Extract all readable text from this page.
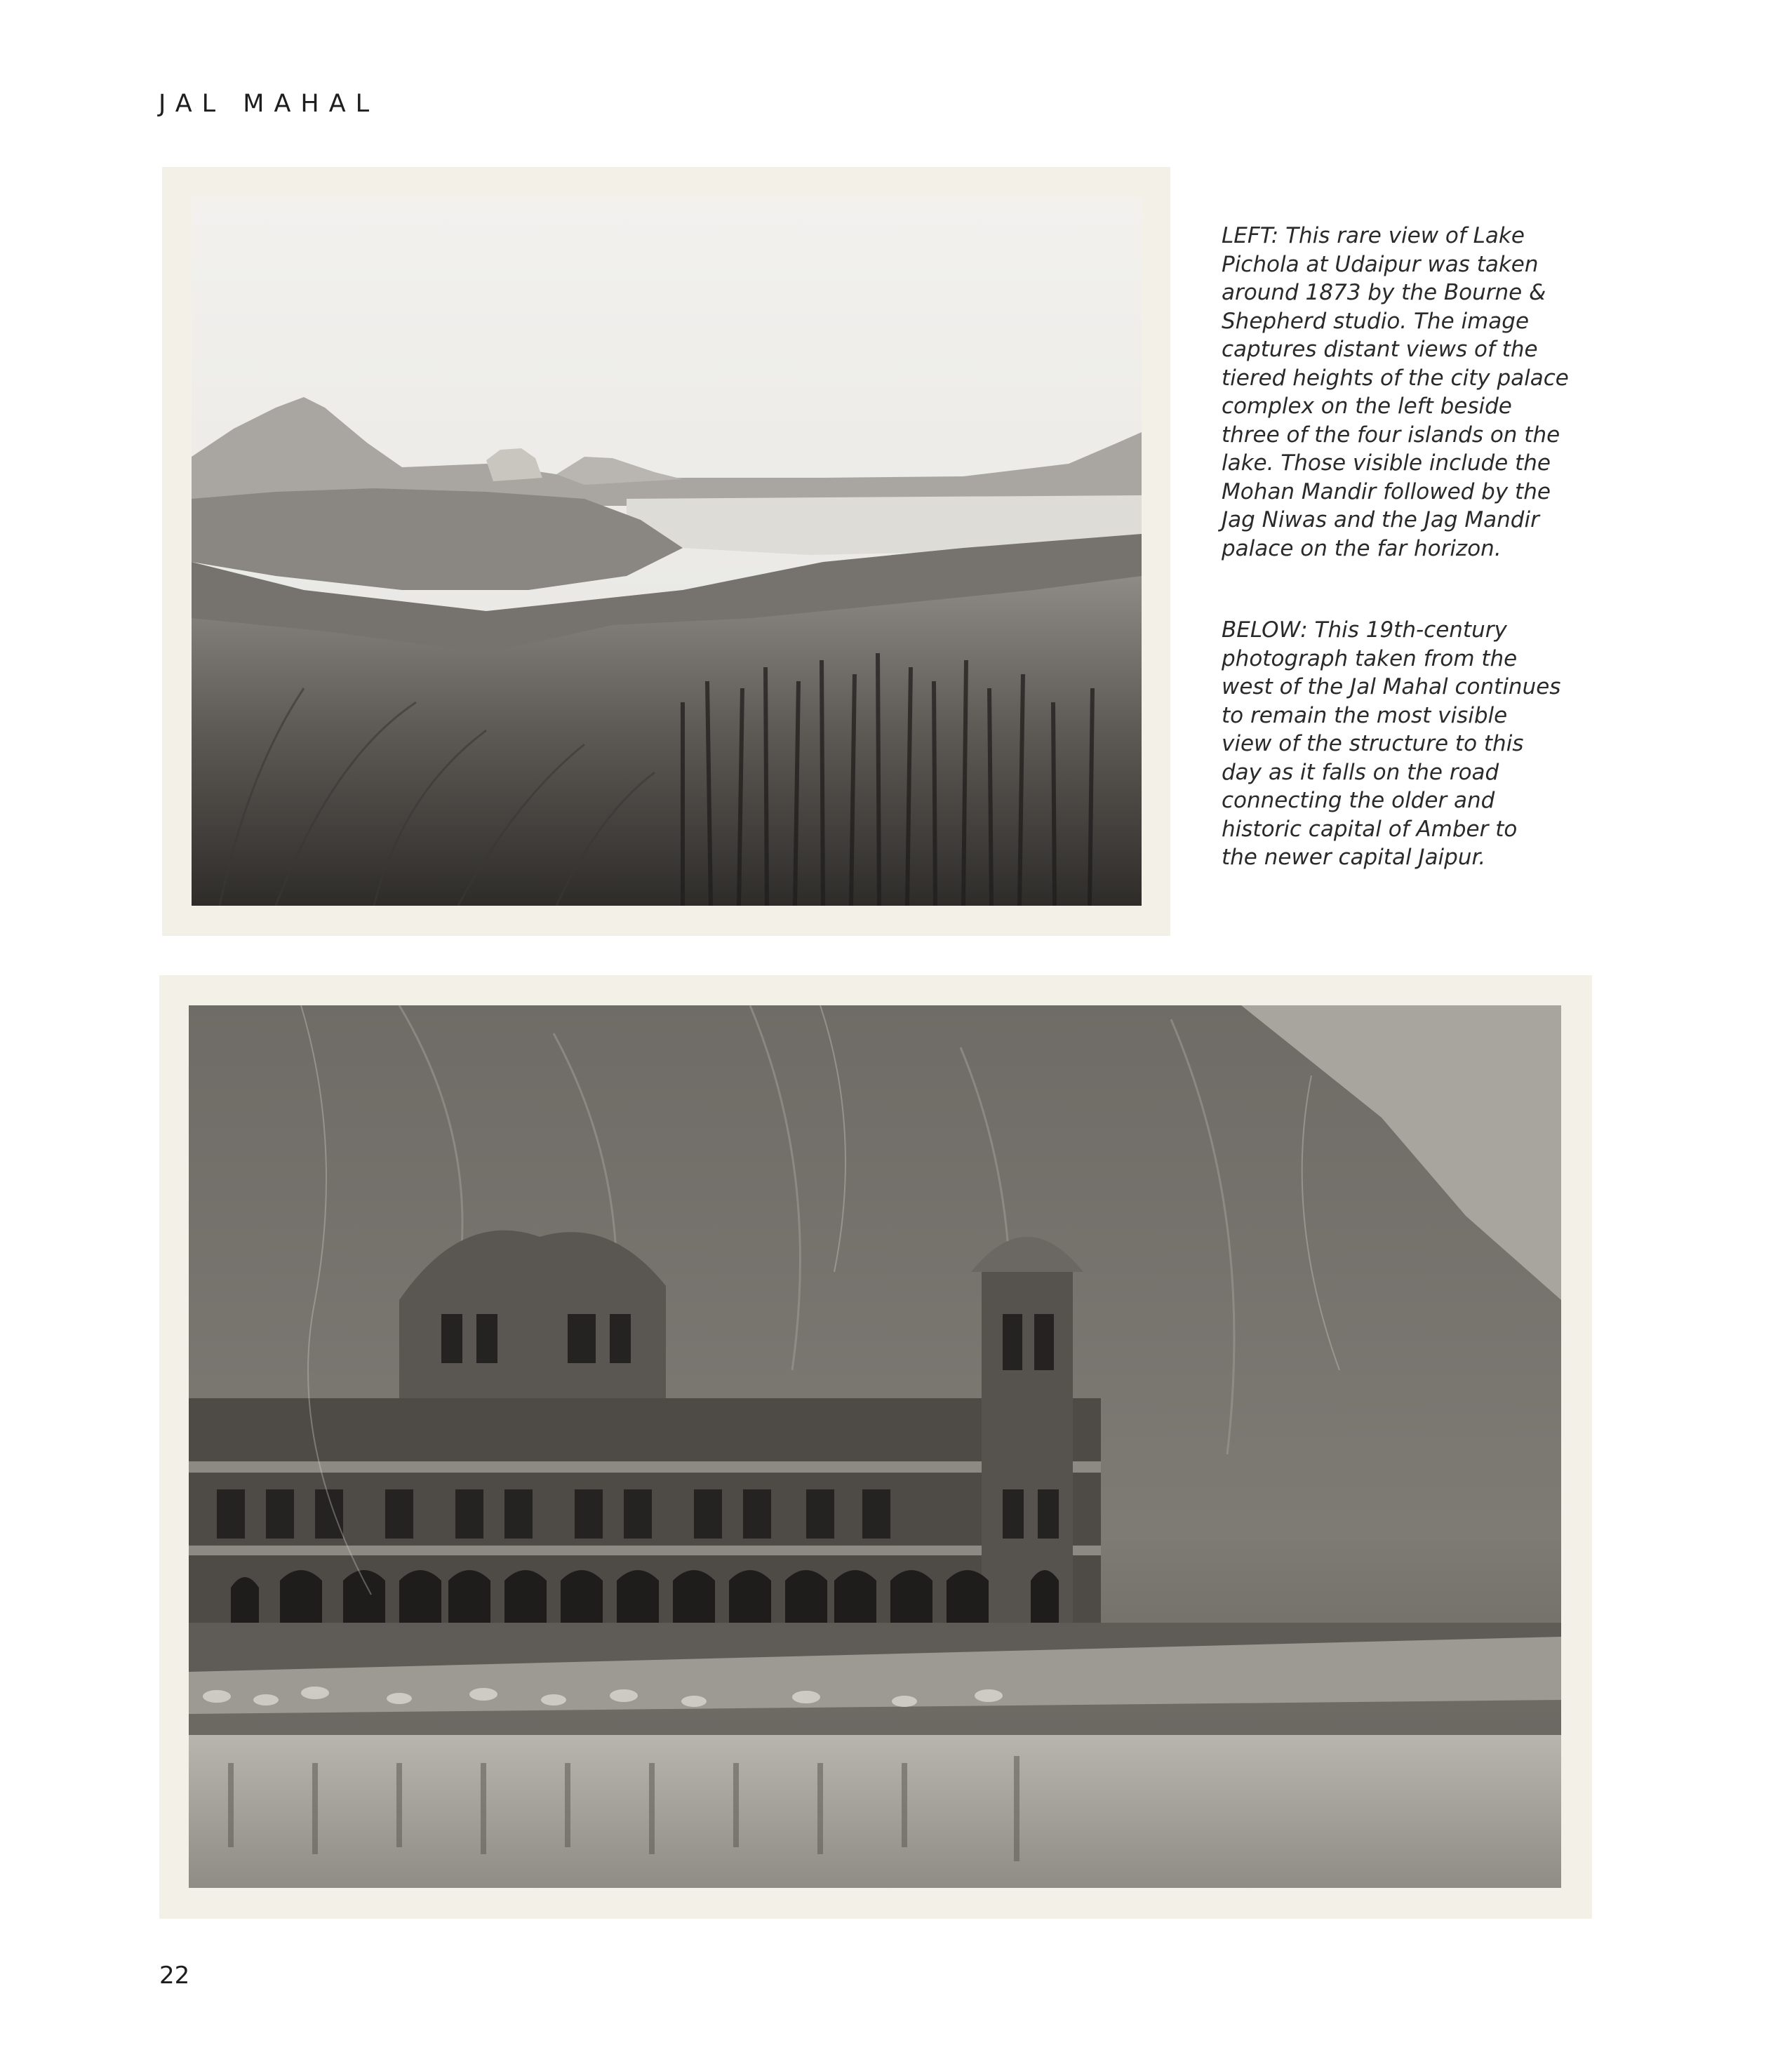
JAL MAHAL
LEFT: This rare view of Lake
Pichola at Udaipur was taken
around 1873 by the Bourne &
Shepherd studio. The image
captures distant views of the
tiered heights of the city palace
complex on the left beside
three of the four islands on the
lake. Those visible include the
Mohan Mandir followed by the
Jag Niwas and the Jag Mandir
palace on the far horizon.
BELOW: This 19th-century
photograph taken from the
west of the Jal Mahal continues
to remain the most visible
view of the structure to this
day as it falls on the road
connecting the older and
historic capital of Amber to
the newer capital Jaipur.
22
